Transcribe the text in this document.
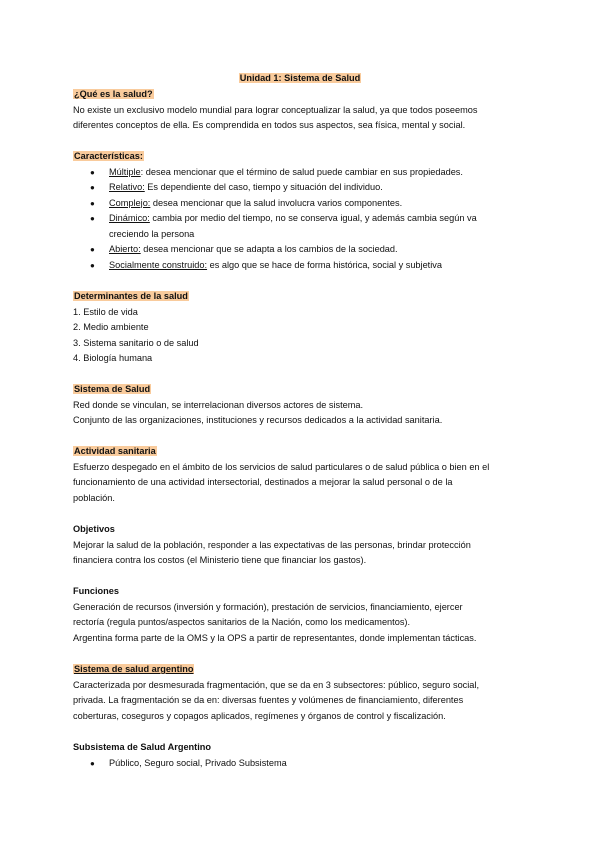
Unidad 1: Sistema de Salud
¿Qué es la salud?

No existe un exclusivo modelo mundial para lograr conceptualizar la salud, ya que todos poseemos

diferentes conceptos de ella. Es comprendida en todos sus aspectos, sea física, mental y social.

Características:
● Múltiple: desea mencionar que el término de salud puede cambiar en sus propiedades.
● Relativo: Es dependiente del caso, tiempo y situación del individuo.
● Complejo: desea mencionar que la salud involucra varios componentes.
● Dinámico: cambia por medio del tiempo, no se conserva igual, y además cambia según va
creciendo la persona
● Abierto: desea mencionar que se adapta a los cambios de la sociedad.
● Socialmente construido: es algo que se hace de forma histórica, social y subjetiva
Determinantes de la salud
1. Estilo de vida
2. Medio ambiente
3. Sistema sanitario o de salud
4. Biología humana
Sistema de Salud

Red donde se vinculan, se interrelacionan diversos actores de sistema.

Conjunto de las organizaciones, instituciones y recursos dedicados a la actividad sanitaria.

Actividad sanitaria

Esfuerzo despegado en el ámbito de los servicios de salud particulares o de salud pública o bien en el

funcionamiento de una actividad intersectorial, destinados a mejorar la salud personal o de la

población.

Objetivos

Mejorar la salud de la población, responder a las expectativas de las personas, brindar protección

financiera contra los costos (el Ministerio tiene que financiar los gastos).

Funciones

Generación de recursos (inversión y formación), prestación de servicios, financiamiento, ejercer

rectoría (regula puntos/aspectos sanitarios de la Nación, como los medicamentos).

Argentina forma parte de la OMS y la OPS a partir de representantes, donde implementan tácticas.

Sistema de salud argentino

Caracterizada por desmesurada fragmentación, que se da en 3 subsectores: público, seguro social,

privada. La fragmentación se da en: diversas fuentes y volúmenes de financiamiento, diferentes

coberturas, coseguros y copagos aplicados, regímenes y órganos de control y fiscalización.

Subsistema de Salud Argentino
● Público, Seguro social, Privado Subsistema
